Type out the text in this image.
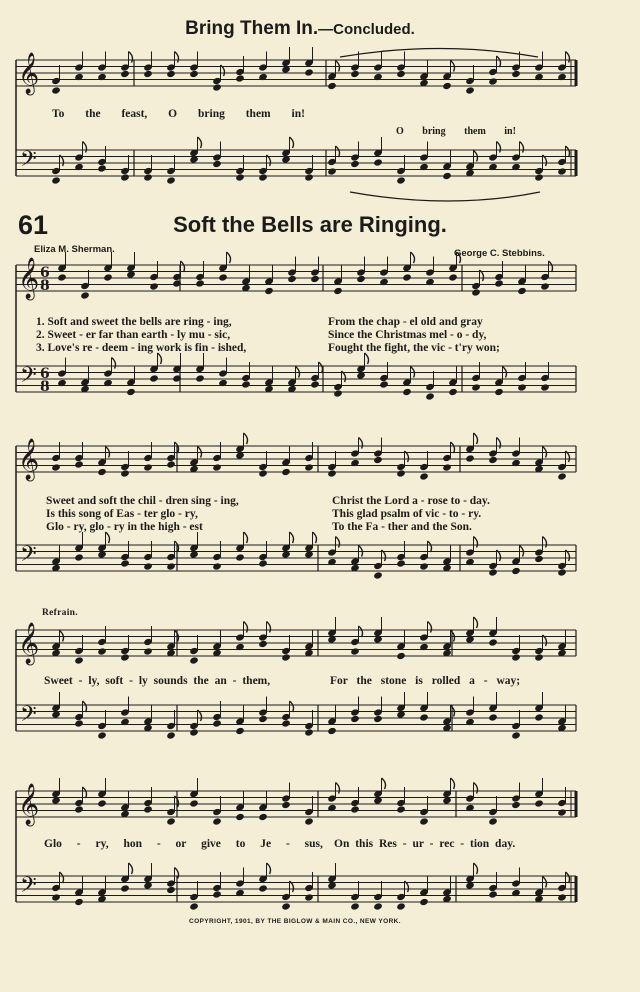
Bring Them In.—Concluded.
61	Soft the Bells are Ringing.
Eliza M. Sherman.	George C. Stebbins.
Refrain.
To the feast, O bring them in!
O bring them in!
1. Soft and sweet the bells are ring - ing,	From the chap - el old and gray
2. Sweet - er far than earth - ly mu - sic,	Since the Christmas mel - o - dy,
3. Love's re - deem - ing work is fin - ished,	Fought the fight, the vic - t'ry won;
Sweet and soft the chil - dren sing - ing,	Christ the Lord a - rose to - day.
Is this song of Eas - ter glo - ry,	This glad psalm of vic - to - ry.
Glo - ry, glo - ry in the high - est	To the Fa - ther and the Son.
Sweet - ly, soft - ly sounds the an - them,	For the stone is rolled a - way;
Glo - ry, hon - or give to Je - sus, On this Res - ur - rec - tion day.
COPYRIGHT, 1901, BY THE BIGLOW & MAIN CO., NEW YORK.
𝄞
𝄢
𝄞
𝄢
6
8
6
8
𝄞
𝄢
𝄞
𝄢
𝄞
𝄢
